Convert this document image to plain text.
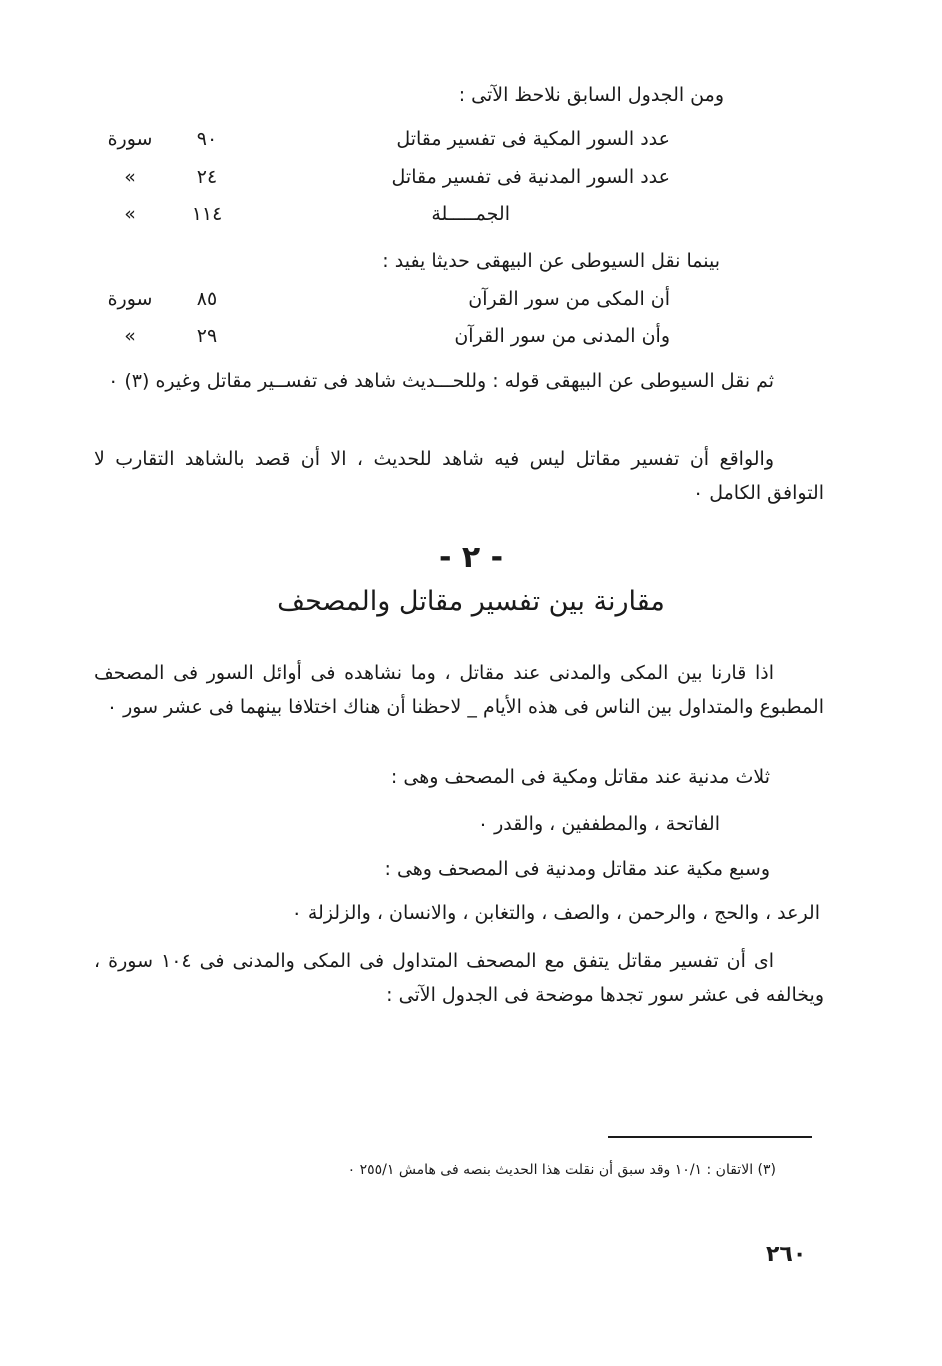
ومن الجدول السابق نلاحظ الآتى :
عدد السور المكية فى تفسير مقاتل
٩٠
سورة
عدد السور المدنية فى تفسير مقاتل
٢٤
»
الجمـــــلة
١١٤
»
بينما نقل السيوطى عن البيهقى حديثا يفيد :
أن المكى من سور القرآن
٨٥
سورة
وأن المدنى من سور القرآن
٢٩
»
ثم نقل السيوطى عن البيهقى قوله : وللحـــديث شاهد فى تفســير مقاتل وغيره (٣) ٠
والواقع أن تفسير مقاتل ليس فيه شاهد للحديث ، الا أن قصد بالشاهد التقارب لا التوافق الكامل ٠
- ٢ -
مقارنة بين تفسير مقاتل والمصحف
اذا قارنا بين المكى والمدنى عند مقاتل ، وما نشاهده فى أوائل السور فى المصحف المطبوع والمتداول بين الناس فى هذه الأيام _ لاحظنا أن هناك اختلافا بينهما فى عشر سور ٠
ثلاث مدنية عند مقاتل ومكية فى المصحف وهى :
الفاتحة ، والمطففين ، والقدر ٠
وسبع مكية عند مقاتل ومدنية فى المصحف وهى :
الرعد ، والحج ، والرحمن ، والصف ، والتغابن ، والانسان ، والزلزلة ٠
اى أن تفسير مقاتل يتفق مع المصحف المتداول فى المكى والمدنى فى ١٠٤ سورة ، ويخالفه فى عشر سور تجدها موضحة فى الجدول الآتى :
(٣) الاتقان : ١٠/١ وقد سبق أن نقلت هذا الحديث بنصه فى هامش ٢٥٥/١ ٠
٢٦٠
